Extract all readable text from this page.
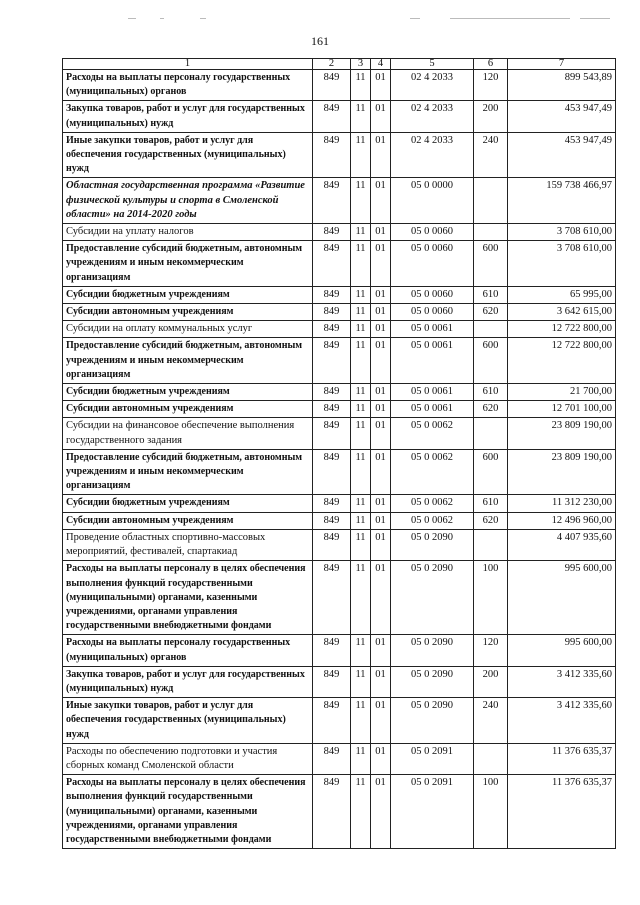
161
1	2	3	4	5	6	7
Расходы на выплаты персоналу государственных (муниципальных) органов	849	11	01	02 4 2033	120	899 543,89
Закупка товаров, работ и услуг для государственных (муниципальных) нужд	849	11	01	02 4 2033	200	453 947,49
Иные закупки товаров, работ и услуг для обеспечения государственных (муниципальных) нужд	849	11	01	02 4 2033	240	453 947,49
Областная государственная программа «Развитие физической культуры и спорта в Смоленской области» на 2014-2020 годы	849	11	01	05 0 0000		159 738 466,97
Субсидии на уплату налогов	849	11	01	05 0 0060		3 708 610,00
Предоставление субсидий бюджетным, автономным учреждениям и иным некоммерческим организациям	849	11	01	05 0 0060	600	3 708 610,00
Субсидии бюджетным учреждениям	849	11	01	05 0 0060	610	65 995,00
Субсидии автономным учреждениям	849	11	01	05 0 0060	620	3 642 615,00
Субсидии на оплату коммунальных услуг	849	11	01	05 0 0061		12 722 800,00
Предоставление субсидий бюджетным, автономным учреждениям и иным некоммерческим организациям	849	11	01	05 0 0061	600	12 722 800,00
Субсидии бюджетным учреждениям	849	11	01	05 0 0061	610	21 700,00
Субсидии автономным учреждениям	849	11	01	05 0 0061	620	12 701 100,00
Субсидии на финансовое обеспечение выполнения государственного задания	849	11	01	05 0 0062		23 809 190,00
Предоставление субсидий бюджетным, автономным учреждениям и иным некоммерческим организациям	849	11	01	05 0 0062	600	23 809 190,00
Субсидии бюджетным учреждениям	849	11	01	05 0 0062	610	11 312 230,00
Субсидии автономным учреждениям	849	11	01	05 0 0062	620	12 496 960,00
Проведение областных спортивно-массовых мероприятий, фестивалей, спартакиад	849	11	01	05 0 2090		4 407 935,60
Расходы на выплаты персоналу в целях обеспечения выполнения функций государственными (муниципальными) органами, казенными учреждениями, органами управления государственными внебюджетными фондами	849	11	01	05 0 2090	100	995 600,00
Расходы на выплаты персоналу государственных (муниципальных) органов	849	11	01	05 0 2090	120	995 600,00
Закупка товаров, работ и услуг для государственных (муниципальных) нужд	849	11	01	05 0 2090	200	3 412 335,60
Иные закупки товаров, работ и услуг для обеспечения государственных (муниципальных) нужд	849	11	01	05 0 2090	240	3 412 335,60
Расходы по обеспечению подготовки и участия сборных команд Смоленской области	849	11	01	05 0 2091		11 376 635,37
Расходы на выплаты персоналу в целях обеспечения выполнения функций государственными (муниципальными) органами, казенными учреждениями, органами управления государственными внебюджетными фондами	849	11	01	05 0 2091	100	11 376 635,37
